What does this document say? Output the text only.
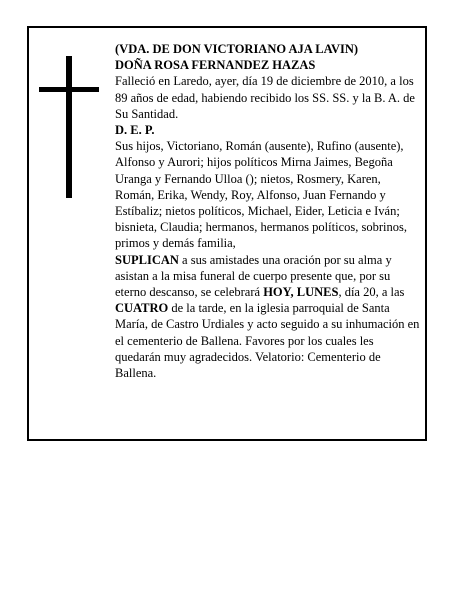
(VDA. DE DON VICTORIANO AJA LAVIN)

DOÑA ROSA FERNANDEZ HAZAS

Falleció en Laredo, ayer, día 19 de diciembre de 2010, a los 89 años de edad, habiendo recibido los SS. SS. y la B. A. de Su Santidad.

D. E. P.

Sus hijos, Victoriano, Román (ausente), Rufino (ausente), Alfonso y Aurori; hijos políticos Mirna Jaimes, Begoña Uranga y Fernando Ulloa (); nietos, Rosmery, Karen, Román, Erika, Wendy, Roy, Alfonso, Juan Fernando y Estíbaliz; nietos políticos, Michael, Eider, Leticia e Iván; bisnieta, Claudia; hermanos, hermanos políticos, sobrinos, primos y demás familia,

SUPLICAN a sus amistades una oración por su alma y asistan a la misa funeral de cuerpo presente que, por su eterno descanso, se celebrará HOY, LUNES, día 20, a las CUATRO de la tarde, en la iglesia parroquial de Santa María, de Castro Urdiales y acto seguido a su inhumación en el cementerio de Ballena. Favores por los cuales les quedarán muy agradecidos. Velatorio: Cementerio de Ballena.
